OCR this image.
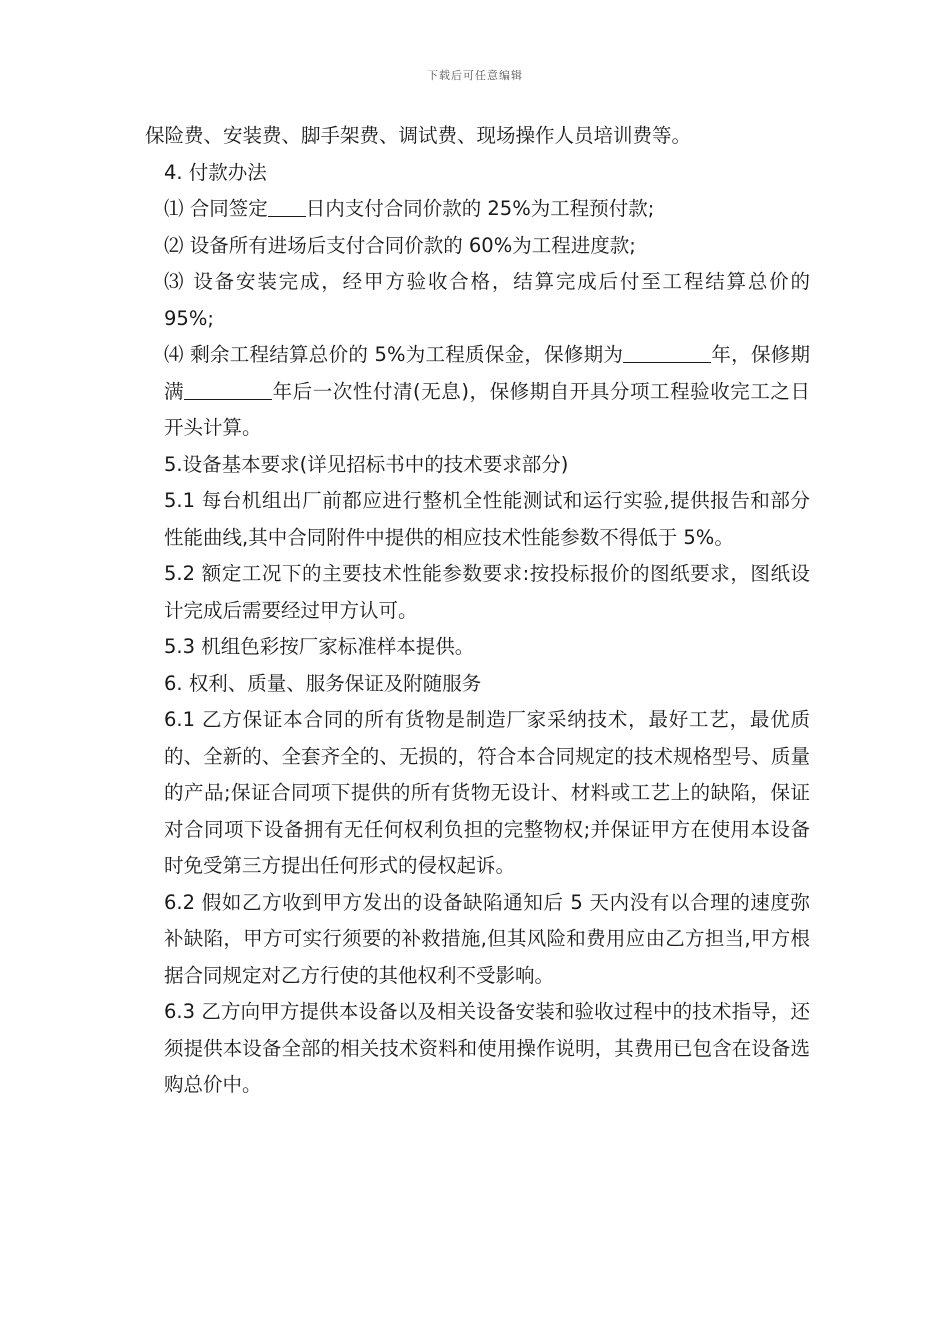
下载后可任意编辑

保险费、安装费、脚手架费、调试费、现场操作人员培训费等。

4. 付款办法

⑴ 合同签定 日内支付合同价款的 25%为工程预付款;

⑵ 设备所有进场后支付合同价款的 60%为工程进度款;

⑶ 设备安装完成，经甲方验收合格，结算完成后付至工程结算总价的 95%;

⑷ 剩余工程结算总价的 5%为工程质保金，保修期为	年，保修期满	年后一次性付清(无息)，保修期自开具分项工程验收完工之日开头计算。

5.设备基本要求(详见招标书中的技术要求部分)

5.1 每台机组出厂前都应进行整机全性能测试和运行实验,提供报告和部分性能曲线,其中合同附件中提供的相应技术性能参数不得低于 5%。

5.2 额定工况下的主要技术性能参数要求:按投标报价的图纸要求，图纸设计完成后需要经过甲方认可。

5.3 机组色彩按厂家标准样本提供。

6. 权利、质量、服务保证及附随服务

6.1 乙方保证本合同的所有货物是制造厂家采纳技术，最好工艺，最优质的、全新的、全套齐全的、无损的，符合本合同规定的技术规格型号、质量的产品;保证合同项下提供的所有货物无设计、材料或工艺上的缺陷，保证对合同项下设备拥有无任何权利负担的完整物权;并保证甲方在使用本设备时免受第三方提出任何形式的侵权起诉。

6.2 假如乙方收到甲方发出的设备缺陷通知后 5 天内没有以合理的速度弥补缺陷，甲方可实行须要的补救措施,但其风险和费用应由乙方担当,甲方根据合同规定对乙方行使的其他权利不受影响。

6.3 乙方向甲方提供本设备以及相关设备安装和验收过程中的技术指导，还须提供本设备全部的相关技术资料和使用操作说明，其费用已包含在设备选购总价中。
